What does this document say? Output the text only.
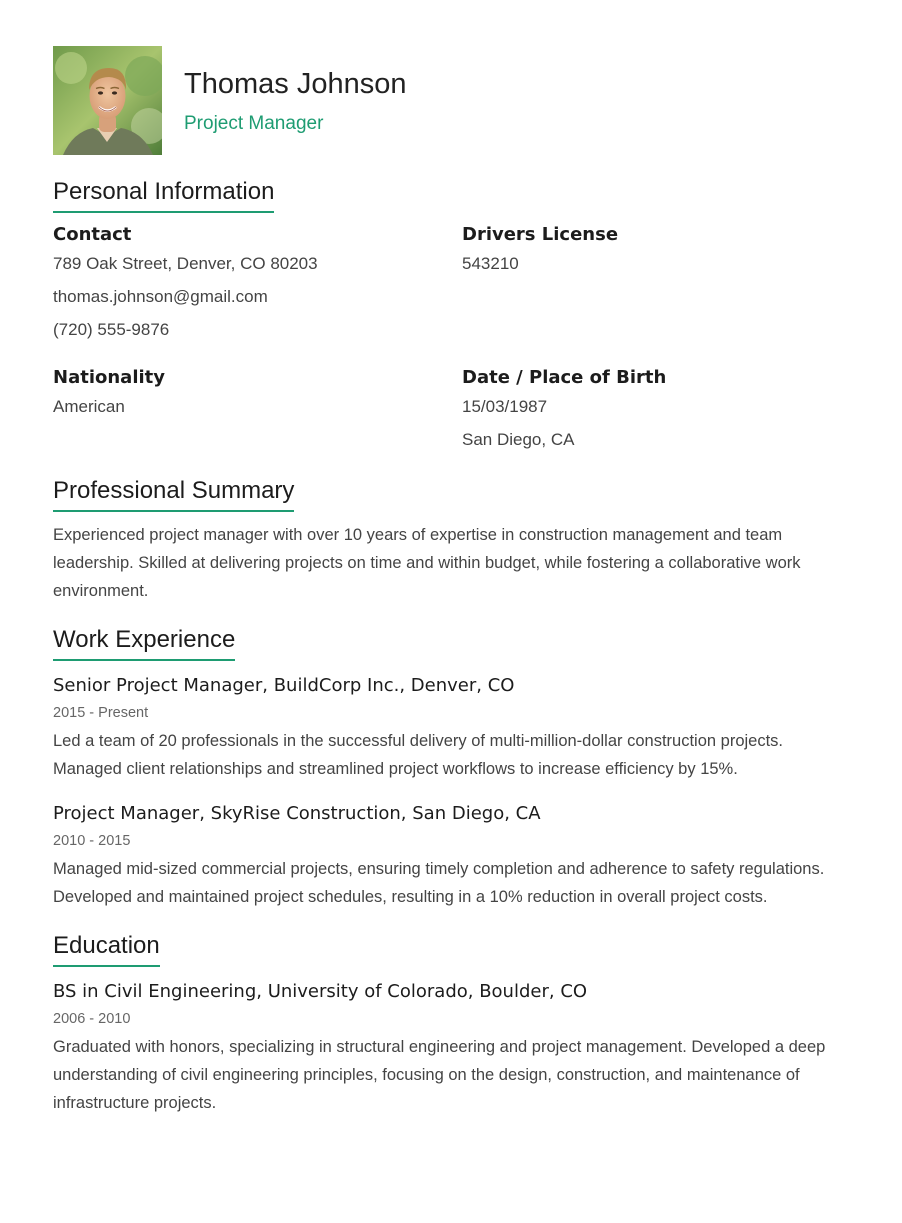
Thomas Johnson
Project Manager
Personal Information
Contact
789 Oak Street, Denver, CO 80203
thomas.johnson@gmail.com
(720) 555-9876
Drivers License
543210
Nationality
American
Date / Place of Birth
15/03/1987
San Diego, CA
Professional Summary
Experienced project manager with over 10 years of expertise in construction management and team leadership. Skilled at delivering projects on time and within budget, while fostering a collaborative work environment.
Work Experience
Senior Project Manager, BuildCorp Inc., Denver, CO
2015 - Present
Led a team of 20 professionals in the successful delivery of multi-million-dollar construction projects. Managed client relationships and streamlined project workflows to increase efficiency by 15%.
Project Manager, SkyRise Construction, San Diego, CA
2010 - 2015
Managed mid-sized commercial projects, ensuring timely completion and adherence to safety regulations. Developed and maintained project schedules, resulting in a 10% reduction in overall project costs.
Education
BS in Civil Engineering, University of Colorado, Boulder, CO
2006 - 2010
Graduated with honors, specializing in structural engineering and project management. Developed a deep understanding of civil engineering principles, focusing on the design, construction, and maintenance of infrastructure projects.
